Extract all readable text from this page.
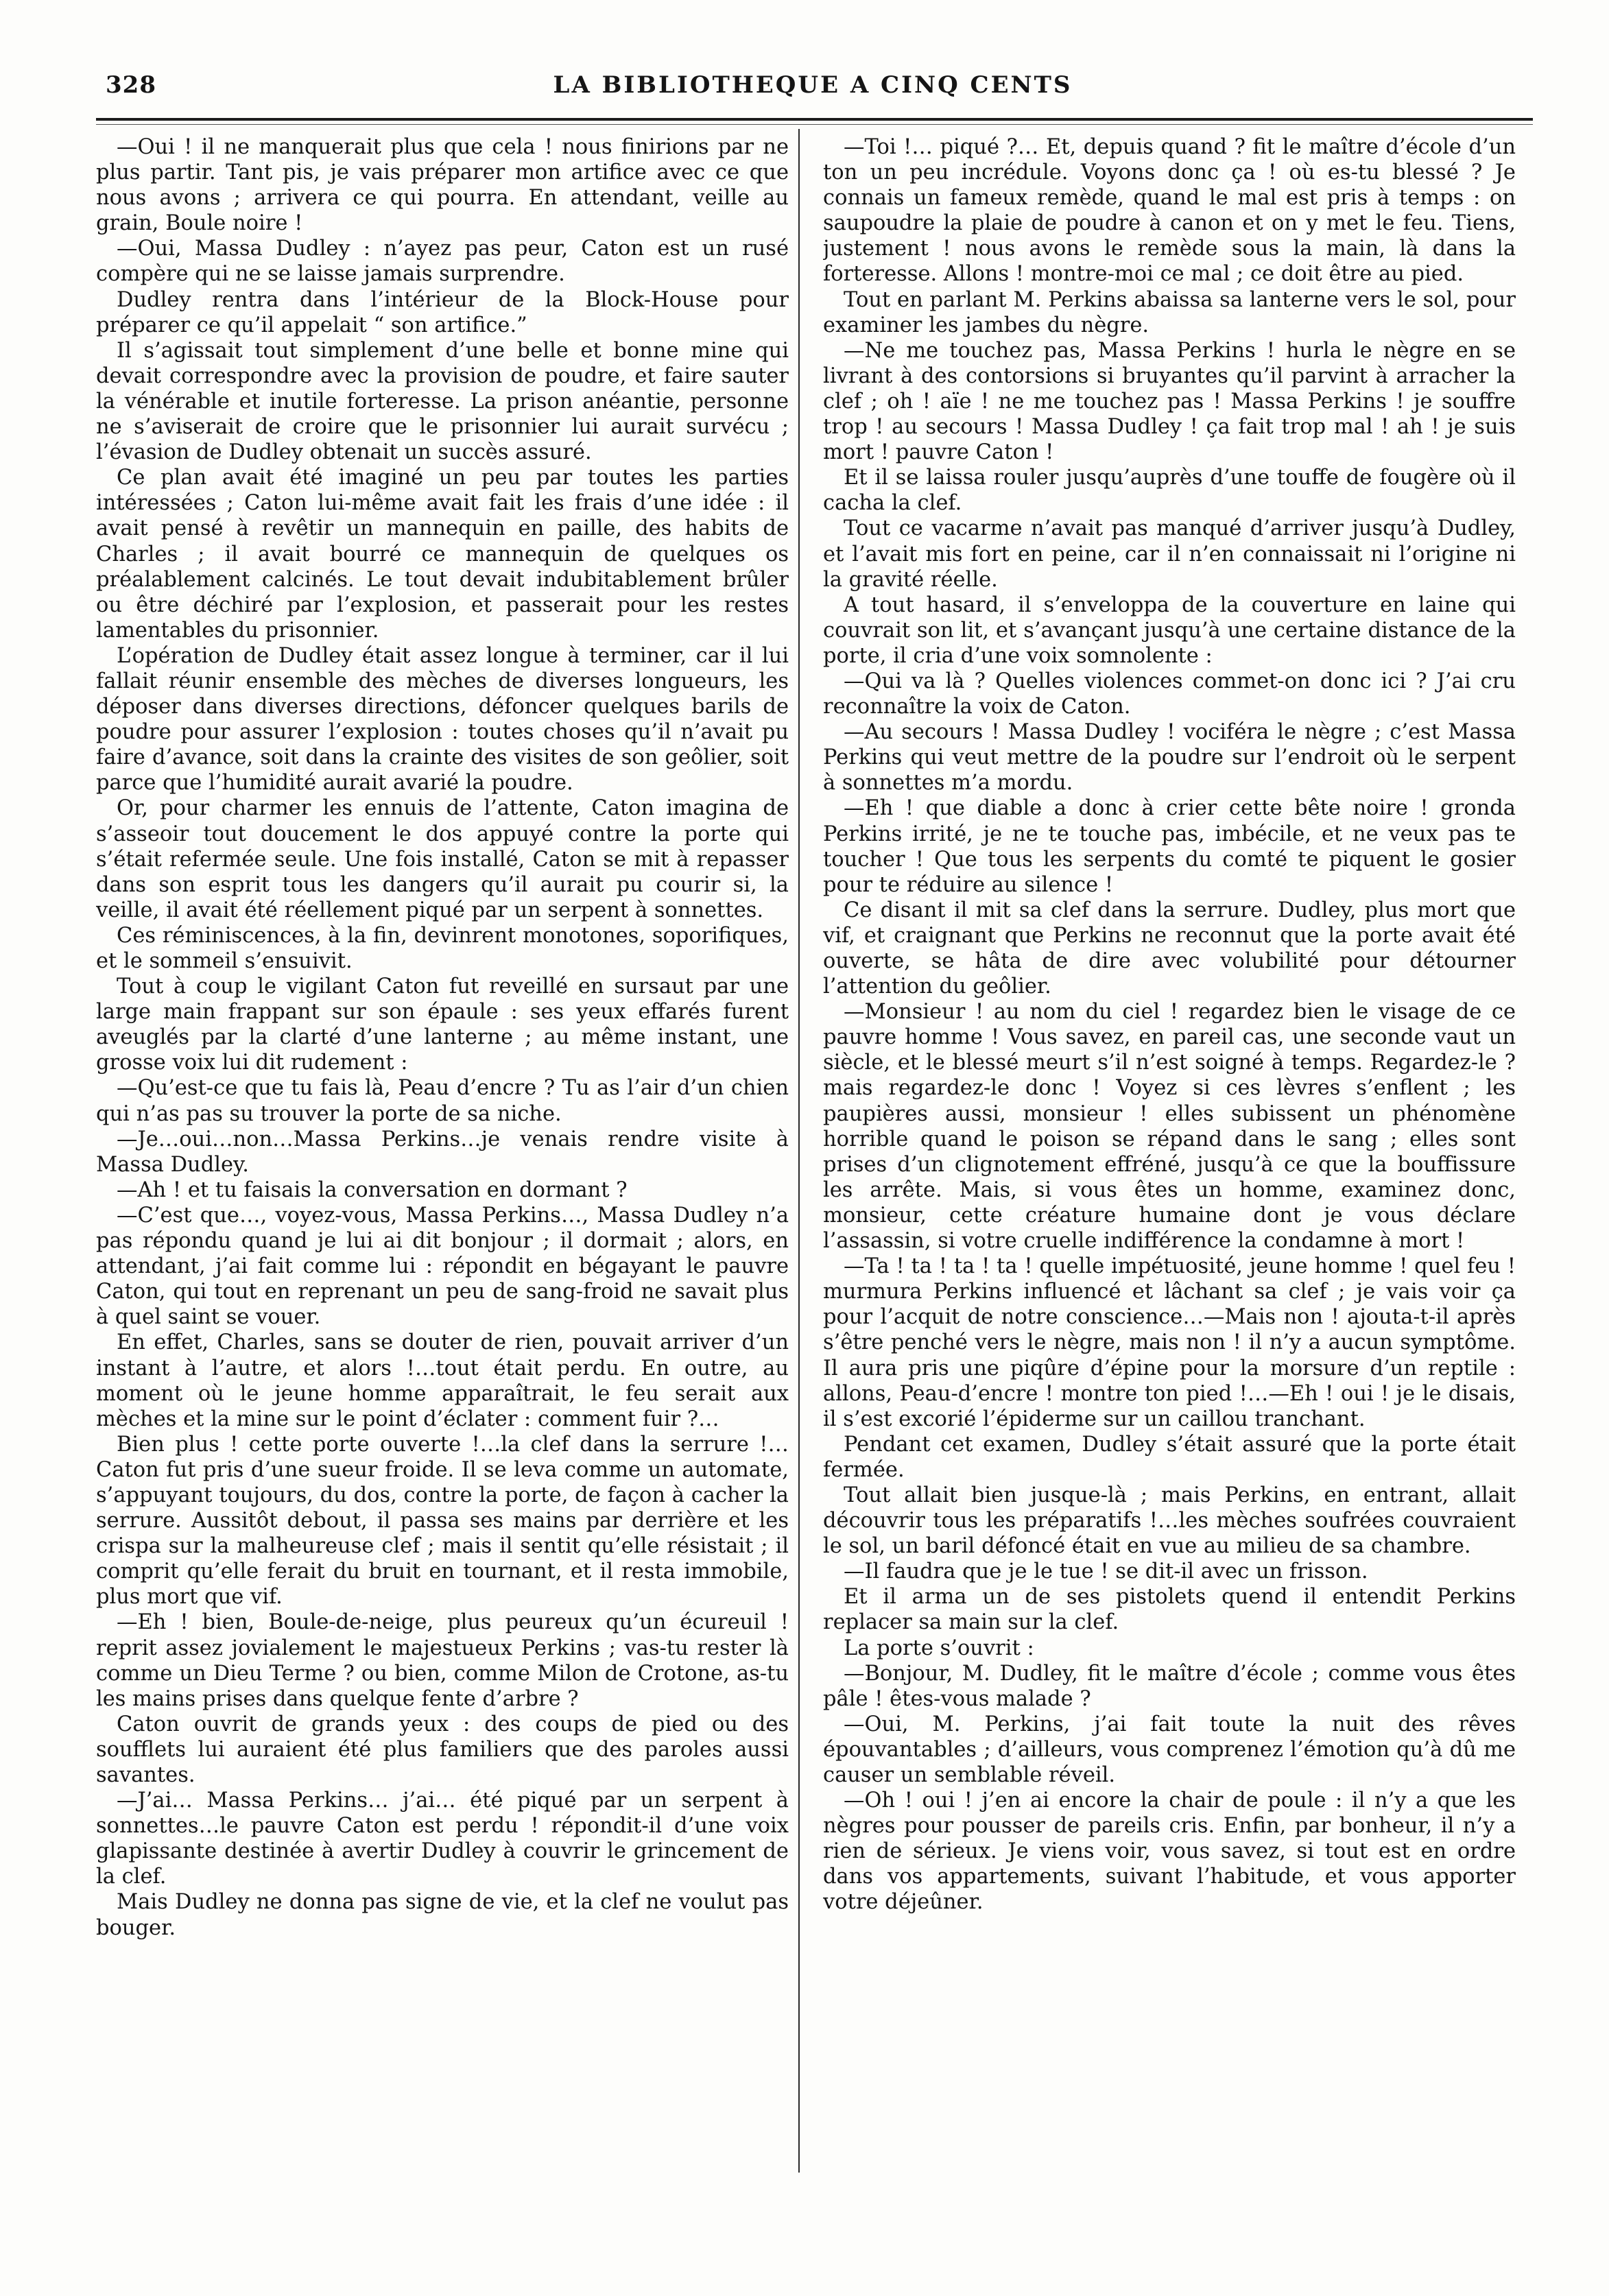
328	LA BIBLIOTHEQUE A CINQ CENTS

—Oui ! il ne manquerait plus que cela ! nous finirions par ne plus partir. Tant pis, je vais préparer mon artifice avec ce que nous avons ; arrivera ce qui pourra. En attendant, veille au grain, Boule noire !

—Oui, Massa Dudley : n’ayez pas peur, Caton est un rusé compère qui ne se laisse jamais surprendre.

Dudley rentra dans l’intérieur de la Block-House pour préparer ce qu’il appelait “ son artifice.”

Il s’agissait tout simplement d’une belle et bonne mine qui devait correspondre avec la provision de poudre, et faire sauter la vénérable et inutile forteresse. La prison anéantie, personne ne s’aviserait de croire que le prisonnier lui aurait survécu ; l’évasion de Dudley obtenait un succès assuré.

Ce plan avait été imaginé un peu par toutes les parties intéressées ; Caton lui-même avait fait les frais d’une idée : il avait pensé à revêtir un mannequin en paille, des habits de Charles ; il avait bourré ce mannequin de quelques os préalablement calcinés. Le tout devait indubitablement brûler ou être déchiré par l’explosion, et passerait pour les restes lamentables du prisonnier.

L’opération de Dudley était assez longue à terminer, car il lui fallait réunir ensemble des mèches de diverses longueurs, les déposer dans diverses directions, défoncer quelques barils de poudre pour assurer l’explosion : toutes choses qu’il n’avait pu faire d’avance, soit dans la crainte des visites de son geôlier, soit parce que l’humidité aurait avarié la poudre.

Or, pour charmer les ennuis de l’attente, Caton imagina de s’asseoir tout doucement le dos appuyé contre la porte qui s’était refermée seule. Une fois installé, Caton se mit à repasser dans son esprit tous les dangers qu’il aurait pu courir si, la veille, il avait été réellement piqué par un serpent à sonnettes.

Ces réminiscences, à la fin, devinrent monotones, soporifiques, et le sommeil s’ensuivit.

Tout à coup le vigilant Caton fut reveillé en sursaut par une large main frappant sur son épaule : ses yeux effarés furent aveuglés par la clarté d’une lanterne ; au même instant, une grosse voix lui dit rudement :

—Qu’est-ce que tu fais là, Peau d’encre ? Tu as l’air d’un chien qui n’as pas su trouver la porte de sa niche.

—Je…oui…non…Massa Perkins…je venais rendre visite à Massa Dudley.

—Ah ! et tu faisais la conversation en dormant ?

—C’est que…, voyez-vous, Massa Perkins…, Massa Dudley n’a pas répondu quand je lui ai dit bonjour ; il dormait ; alors, en attendant, j’ai fait comme lui : répondit en bégayant le pauvre Caton, qui tout en reprenant un peu de sang-froid ne savait plus à quel saint se vouer.

En effet, Charles, sans se douter de rien, pouvait arriver d’un instant à l’autre, et alors !…tout était perdu. En outre, au moment où le jeune homme apparaîtrait, le feu serait aux mèches et la mine sur le point d’éclater : comment fuir ?…

Bien plus ! cette porte ouverte !…la clef dans la serrure !… Caton fut pris d’une sueur froide. Il se leva comme un automate, s’appuyant toujours, du dos, contre la porte, de façon à cacher la serrure. Aussitôt debout, il passa ses mains par derrière et les crispa sur la malheureuse clef ; mais il sentit qu’elle résistait ; il comprit qu’elle ferait du bruit en tournant, et il resta immobile, plus mort que vif.

—Eh ! bien, Boule-de-neige, plus peureux qu’un écureuil ! reprit assez jovialement le majestueux Perkins ; vas-tu rester là comme un Dieu Terme ? ou bien, comme Milon de Crotone, as-tu les mains prises dans quelque fente d’arbre ?

Caton ouvrit de grands yeux : des coups de pied ou des soufflets lui auraient été plus familiers que des paroles aussi savantes.

—J’ai… Massa Perkins… j’ai… été piqué par un serpent à sonnettes…le pauvre Caton est perdu ! répondit-il d’une voix glapissante destinée à avertir Dudley à couvrir le grincement de la clef.

Mais Dudley ne donna pas signe de vie, et la clef ne voulut pas bouger.

—Toi !… piqué ?… Et, depuis quand ? fit le maître d’école d’un ton un peu incrédule. Voyons donc ça ! où es-tu blessé ? Je connais un fameux remède, quand le mal est pris à temps : on saupoudre la plaie de poudre à canon et on y met le feu. Tiens, justement ! nous avons le remède sous la main, là dans la forteresse. Allons ! montre-moi ce mal ; ce doit être au pied.

Tout en parlant M. Perkins abaissa sa lanterne vers le sol, pour examiner les jambes du nègre.

—Ne me touchez pas, Massa Perkins ! hurla le nègre en se livrant à des contorsions si bruyantes qu’il parvint à arracher la clef ; oh ! aïe ! ne me touchez pas ! Massa Perkins ! je souffre trop ! au secours ! Massa Dudley ! ça fait trop mal ! ah ! je suis mort ! pauvre Caton !

Et il se laissa rouler jusqu’auprès d’une touffe de fougère où il cacha la clef.

Tout ce vacarme n’avait pas manqué d’arriver jusqu’à Dudley, et l’avait mis fort en peine, car il n’en connaissait ni l’origine ni la gravité réelle.

A tout hasard, il s’enveloppa de la couverture en laine qui couvrait son lit, et s’avançant jusqu’à une certaine distance de la porte, il cria d’une voix somnolente :

—Qui va là ? Quelles violences commet-on donc ici ? J’ai cru reconnaître la voix de Caton.

—Au secours ! Massa Dudley ! vociféra le nègre ; c’est Massa Perkins qui veut mettre de la poudre sur l’endroit où le serpent à sonnettes m’a mordu.

—Eh ! que diable a donc à crier cette bête noire ! gronda Perkins irrité, je ne te touche pas, imbécile, et ne veux pas te toucher ! Que tous les serpents du comté te piquent le gosier pour te réduire au silence !

Ce disant il mit sa clef dans la serrure. Dudley, plus mort que vif, et craignant que Perkins ne reconnut que la porte avait été ouverte, se hâta de dire avec volubilité pour détourner l’attention du geôlier.

—Monsieur ! au nom du ciel ! regardez bien le visage de ce pauvre homme ! Vous savez, en pareil cas, une seconde vaut un siècle, et le blessé meurt s’il n’est soigné à temps. Regardez-le ? mais regardez-le donc ! Voyez si ces lèvres s’enflent ; les paupières aussi, monsieur ! elles subissent un phénomène horrible quand le poison se répand dans le sang ; elles sont prises d’un clignotement effréné, jusqu’à ce que la bouffissure les arrête. Mais, si vous êtes un homme, examinez donc, monsieur, cette créature humaine dont je vous déclare l’assassin, si votre cruelle indifférence la condamne à mort !

—Ta ! ta ! ta ! ta ! quelle impétuosité, jeune homme ! quel feu ! murmura Perkins influencé et lâchant sa clef ; je vais voir ça pour l’acquit de notre conscience…—Mais non ! ajouta-t-il après s’être penché vers le nègre, mais non ! il n’y a aucun symptôme. Il aura pris une piqûre d’épine pour la morsure d’un reptile : allons, Peau-d’encre ! montre ton pied !…—Eh ! oui ! je le disais, il s’est excorié l’épiderme sur un caillou tranchant.

Pendant cet examen, Dudley s’était assuré que la porte était fermée.

Tout allait bien jusque-là ; mais Perkins, en entrant, allait découvrir tous les préparatifs !…les mèches soufrées couvraient le sol, un baril défoncé était en vue au milieu de sa chambre.

—Il faudra que je le tue ! se dit-il avec un frisson.

Et il arma un de ses pistolets quend il entendit Perkins replacer sa main sur la clef.

La porte s’ouvrit :

—Bonjour, M. Dudley, fit le maître d’école ; comme vous êtes pâle ! êtes-vous malade ?

—Oui, M. Perkins, j’ai fait toute la nuit des rêves épouvantables ; d’ailleurs, vous comprenez l’émotion qu’à dû me causer un semblable réveil.

—Oh ! oui ! j’en ai encore la chair de poule : il n’y a que les nègres pour pousser de pareils cris. Enfin, par bonheur, il n’y a rien de sérieux. Je viens voir, vous savez, si tout est en ordre dans vos appartements, suivant l’habitude, et vous apporter votre déjeûner.
